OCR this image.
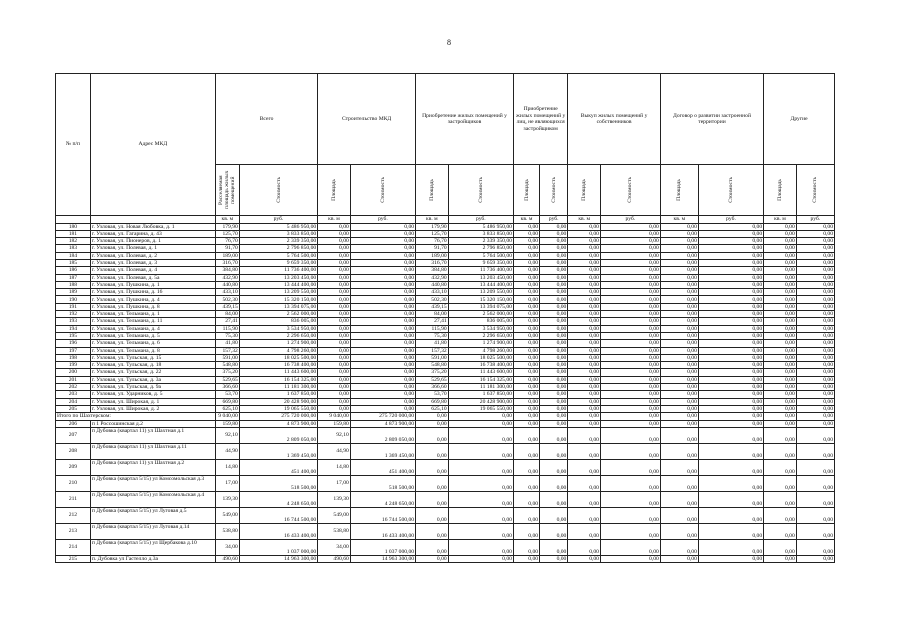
8
№ п/п	Адрес МКД	Всего		Строительство МКД		Приобретение жилых помещений у застройщиков		Приобретение жилых помещений у лиц, не являющихся застройщиком		Выкуп жилых помещений у собственников		Договор о развитии застроенной территории		Другие	

		Расселяемая площадь жилых помещений	Стоимость	Площадь	Стоимость	Площадь	Стоимость	Площадь	Стоимость	Площадь	Стоимость	Площадь	Стоимость	Площадь	Стоимость

		кв. м	руб.	кв. м	руб.	кв. м	руб.	кв. м	руб.	кв. м	руб.	кв. м	руб.	кв. м	руб.
180	г. Узловая, ул. Новая Любовка, д. 1	179,90	5 486 950,00	0,00	0,00	179,90	5 486 950,00	0,00	0,00	0,00	0,00	0,00	0,00	0,00	0,00
181	г. Узловая, ул. Гагарина, д. 43	125,70	3 833 850,00	0,00	0,00	125,70	3 833 850,00	0,00	0,00	0,00	0,00	0,00	0,00	0,00	0,00
182	г. Узловая, ул. Пионеров, д. 1	76,70	2 339 350,00	0,00	0,00	76,70	2 339 350,00	0,00	0,00	0,00	0,00	0,00	0,00	0,00	0,00
183	г. Узловая, ул. Полевая, д. 1	91,70	2 796 850,00	0,00	0,00	91,70	2 796 850,00	0,00	0,00	0,00	0,00	0,00	0,00	0,00	0,00
184	г. Узловая, ул. Полевая, д. 2	189,00	5 764 500,00	0,00	0,00	189,00	5 764 500,00	0,00	0,00	0,00	0,00	0,00	0,00	0,00	0,00
185	г. Узловая, ул. Полевая, д. 3	316,70	9 659 350,00	0,00	0,00	316,70	9 659 350,00	0,00	0,00	0,00	0,00	0,00	0,00	0,00	0,00
186	г. Узловая, ул. Полевая, д. 4	384,80	11 736 400,00	0,00	0,00	384,80	11 736 400,00	0,00	0,00	0,00	0,00	0,00	0,00	0,00	0,00
187	г. Узловая, ул. Полевая, д. 5а	432,90	13 203 450,00	0,00	0,00	432,90	13 203 450,00	0,00	0,00	0,00	0,00	0,00	0,00	0,00	0,00
188	г. Узловая, ул. Пушкина, д. 1	440,80	13 444 400,00	0,00	0,00	440,80	13 444 400,00	0,00	0,00	0,00	0,00	0,00	0,00	0,00	0,00
189	г. Узловая, ул. Пушкина, д. 16	433,10	13 209 550,00	0,00	0,00	433,10	13 209 550,00	0,00	0,00	0,00	0,00	0,00	0,00	0,00	0,00
190	г. Узловая, ул. Пушкина, д. 4	502,30	15 320 150,00	0,00	0,00	502,30	15 320 150,00	0,00	0,00	0,00	0,00	0,00	0,00	0,00	0,00
191	г. Узловая, ул. Пушкина, д. 8	439,15	13 394 075,00	0,00	0,00	439,15	13 394 075,00	0,00	0,00	0,00	0,00	0,00	0,00	0,00	0,00
192	г. Узловая, ул. Тельмана, д. 1	84,00	2 562 000,00	0,00	0,00	84,00	2 562 000,00	0,00	0,00	0,00	0,00	0,00	0,00	0,00	0,00
193	г. Узловая, ул. Тельмана, д. 11	27,41	836 005,00	0,00	0,00	27,41	836 005,00	0,00	0,00	0,00	0,00	0,00	0,00	0,00	0,00
194	г. Узловая, ул. Тельмана, д. 4	115,90	3 534 950,00	0,00	0,00	115,90	3 534 950,00	0,00	0,00	0,00	0,00	0,00	0,00	0,00	0,00
195	г. Узловая, ул. Тельмана, д. 5	75,30	2 296 650,00	0,00	0,00	75,30	2 296 650,00	0,00	0,00	0,00	0,00	0,00	0,00	0,00	0,00
196	г. Узловая, ул. Тельмана, д. 6	41,80	1 274 900,00	0,00	0,00	41,80	1 274 900,00	0,00	0,00	0,00	0,00	0,00	0,00	0,00	0,00
197	г. Узловая, ул. Тельмана, д. 8	157,32	4 798 260,00	0,00	0,00	157,32	4 798 260,00	0,00	0,00	0,00	0,00	0,00	0,00	0,00	0,00
198	г. Узловая, ул. Тульская, д. 15	591,00	18 025 500,00	0,00	0,00	591,00	18 025 500,00	0,00	0,00	0,00	0,00	0,00	0,00	0,00	0,00
199	г. Узловая, ул. Тульская, д. 18	548,80	16 738 400,00	0,00	0,00	548,80	16 738 400,00	0,00	0,00	0,00	0,00	0,00	0,00	0,00	0,00
200	г. Узловая, ул. Тульская, д. 22	375,20	11 443 600,00	0,00	0,00	375,20	11 443 600,00	0,00	0,00	0,00	0,00	0,00	0,00	0,00	0,00
201	г. Узловая, ул. Тульская, д. 3а	529,65	16 154 325,00	0,00	0,00	529,65	16 154 325,00	0,00	0,00	0,00	0,00	0,00	0,00	0,00	0,00
202	г. Узловая, ул. Тульская, д. 9а	366,60	11 181 300,00	0,00	0,00	366,60	11 181 300,00	0,00	0,00	0,00	0,00	0,00	0,00	0,00	0,00
203	г. Узловая, ул. Ударников, д. 5	53,70	1 637 850,00	0,00	0,00	53,70	1 637 850,00	0,00	0,00	0,00	0,00	0,00	0,00	0,00	0,00
204	г. Узловая, ул. Широкая, д. 1	669,80	20 428 900,00	0,00	0,00	669,80	20 428 900,00	0,00	0,00	0,00	0,00	0,00	0,00	0,00	0,00
205	г. Узловая, ул. Широкая, д. 2	625,10	19 065 550,00	0,00	0,00	625,10	19 065 550,00	0,00	0,00	0,00	0,00	0,00	0,00	0,00	0,00
Итого по Шахтерском:		9 040,00	275 720 000,00	9 040,00	275 720 000,00	0,00	0,00	0,00	0,00	0,00	0,00	0,00	0,00	0,00	0,00
206	п 1 Россошинская д.2	159,80	4 873 900,00	159,80	4 873 900,00	0,00	0,00	0,00	0,00	0,00	0,00	0,00	0,00	0,00	0,00
207	п Дубовка (квартал 11) ул Шахтная д.1	92,10	2 809 050,00	92,10	2 809 050,00	0,00	0,00	0,00	0,00	0,00	0,00	0,00	0,00	0,00	0,00
208	п Дубовка (квартал 11) ул Шахтная д.11	44,90	1 369 450,00	44,90	1 369 450,00	0,00	0,00	0,00	0,00	0,00	0,00	0,00	0,00	0,00	0,00
209	п Дубовка (квартал 11) ул Шахтная д.2	14,80	451 400,00	14,80	451 400,00	0,00	0,00	0,00	0,00	0,00	0,00	0,00	0,00	0,00	0,00
210	п Дубовка (квартал 5/15) ул Комсомольская д.3	17,00	518 500,00	17,00	518 500,00	0,00	0,00	0,00	0,00	0,00	0,00	0,00	0,00	0,00	0,00
211	п Дубовка (квартал 5/15) ул Комсомольская д.4	139,30	4 248 650,00	139,30	4 248 650,00	0,00	0,00	0,00	0,00	0,00	0,00	0,00	0,00	0,00	0,00
212	п Дубовка (квартал 5/15) ул Луговая д.5	549,00	16 744 500,00	549,00	16 744 500,00	0,00	0,00	0,00	0,00	0,00	0,00	0,00	0,00	0,00	0,00
213	п Дубовка (квартал 5/15) ул Луговая д.14	538,80	16 433 400,00	538,80	16 433 400,00	0,00	0,00	0,00	0,00	0,00	0,00	0,00	0,00	0,00	0,00
214	п Дубовка (квартал 5/15) ул Щербакова д.10	34,00	1 037 000,00	34,00	1 037 000,00	0,00	0,00	0,00	0,00	0,00	0,00	0,00	0,00	0,00	0,00
215	п. Дубовка ул Гастелло д.3а	490,60	14 963 300,00	490,60	14 963 300,00	0,00	0,00	0,00	0,00	0,00	0,00	0,00	0,00	0,00	0,00
